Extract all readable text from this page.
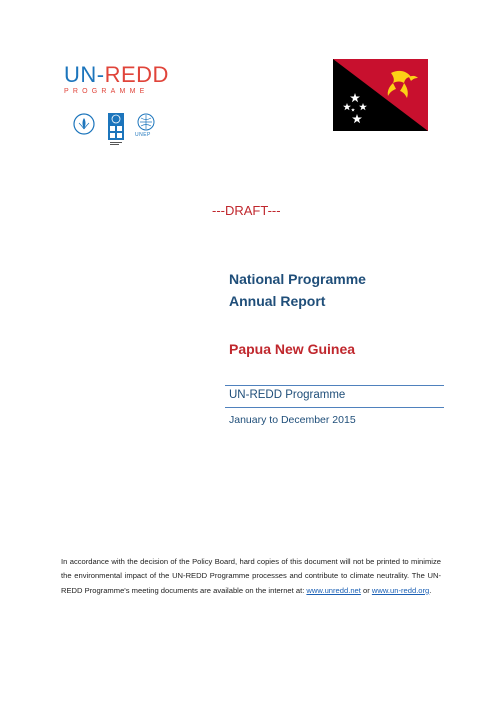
UN-REDD
PROGRAMME
UNEP
---DRAFT---
National Programme
Annual Report
Papua New Guinea
UN-REDD Programme
January to December 2015
In accordance with the decision of the Policy Board, hard copies of this document will not be printed to minimize the environmental impact of the UN-REDD Programme processes and contribute to climate neutrality. The UN-REDD Programme's meeting documents are available on the internet at: www.unredd.net or www.un-redd.org.
